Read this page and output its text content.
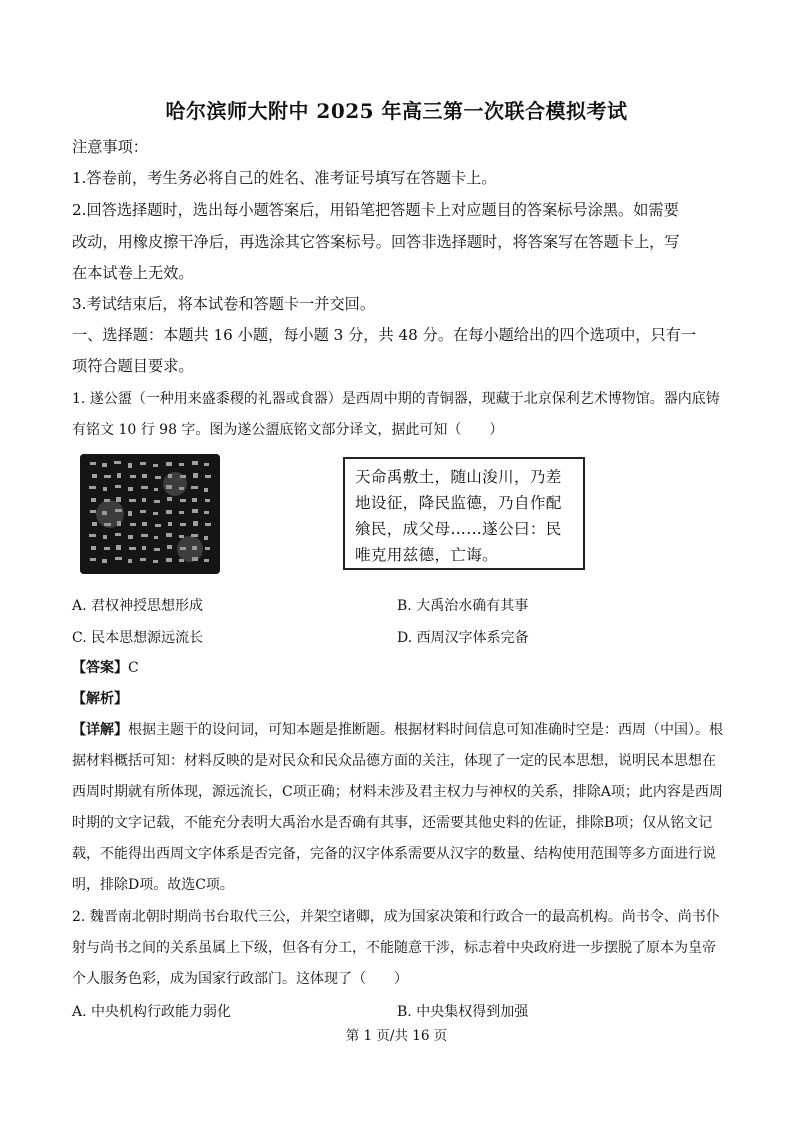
哈尔滨师大附中 2025 年高三第一次联合模拟考试
注意事项：
1.答卷前，考生务必将自己的姓名、准考证号填写在答题卡上。
2.回答选择题时，选出每小题答案后，用铅笔把答题卡上对应题目的答案标号涂黑。如需要
改动，用橡皮擦干净后，再选涂其它答案标号。回答非选择题时，将答案写在答题卡上，写
在本试卷上无效。
3.考试结束后，将本试卷和答题卡一并交回。
一、选择题：本题共 16 小题，每小题 3 分，共 48 分。在每小题给出的四个选项中，只有一
项符合题目要求。
1. 遂公盨（一种用来盛黍稷的礼器或食器）是西周中期的青铜器，现藏于北京保利艺术博物馆。器内底铸
有铭文 10 行 98 字。图为遂公盨底铭文部分译文，据此可知（　　）
天命禹敷土，随山浚川，乃差
地设征，降民监德，乃自作配
飨民，成父母……遂公曰：民
唯克用兹德，亡诲。
A. 君权神授思想形成	B. 大禹治水确有其事
C. 民本思想源远流长	D. 西周汉字体系完备
【答案】C
【解析】
【详解】根据主题干的设问词，可知本题是推断题。根据材料时间信息可知准确时空是：西周（中国）。根
据材料概括可知：材料反映的是对民众和民众品德方面的关注，体现了一定的民本思想，说明民本思想在
西周时期就有所体现，源远流长，C项正确；材料未涉及君主权力与神权的关系，排除A项；此内容是西周
时期的文字记载，不能充分表明大禹治水是否确有其事，还需要其他史料的佐证，排除B项；仅从铭文记
载，不能得出西周文字体系是否完备，完备的汉字体系需要从汉字的数量、结构使用范围等多方面进行说
明，排除D项。故选C项。
2. 魏晋南北朝时期尚书台取代三公，并架空诸卿，成为国家决策和行政合一的最高机构。尚书令、尚书仆
射与尚书之间的关系虽属上下级，但各有分工，不能随意干涉，标志着中央政府进一步摆脱了原本为皇帝
个人服务色彩，成为国家行政部门。这体现了（　　）
A. 中央机构行政能力弱化	B. 中央集权得到加强
第 1 页/共 16 页
